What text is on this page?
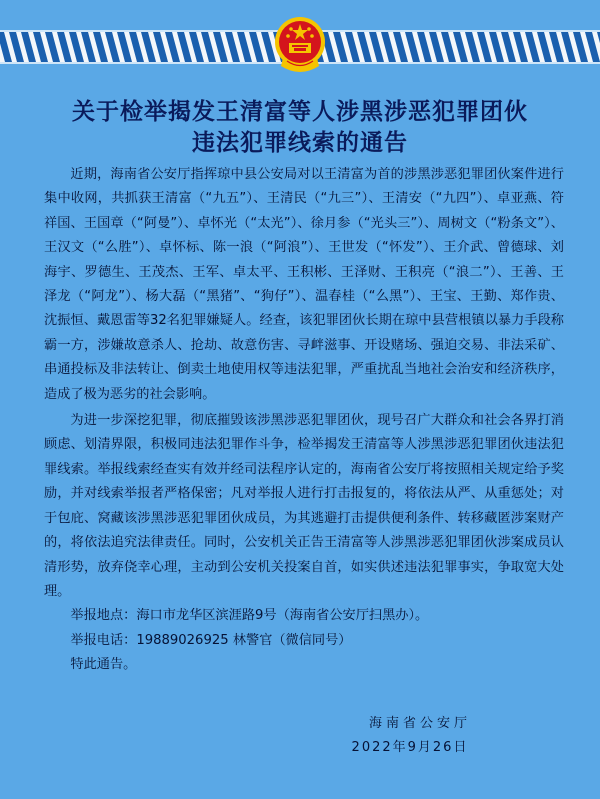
关于检举揭发王清富等人涉黑涉恶犯罪团伙
违法犯罪线索的通告

近期，海南省公安厅指挥琼中县公安局对以王清富为首的涉黑涉恶犯罪团伙案件进行集中收网，共抓获王清富（“九五”）、王清民（“九三”）、王清安（“九四”）、卓亚燕、符祥国、王国章（“阿曼”）、卓怀光（“太光”）、徐月参（“光头三”）、周树文（“粉条文”）、王汉文（“么胜”）、卓怀标、陈一浪（“阿浪”）、王世发（“怀发”）、王介武、曾德球、刘海宇、罗德生、王茂杰、王军、卓太平、王积彬、王泽财、王积亮（“浪二”）、王善、王泽龙（“阿龙”）、杨大磊（“黑猪”、“狗仔”）、温春桂（“么黑”）、王宝、王勤、郑作贵、沈振恒、戴恩雷等32名犯罪嫌疑人。经查，该犯罪团伙长期在琼中县营根镇以暴力手段称霸一方，涉嫌故意杀人、抢劫、故意伤害、寻衅滋事、开设赌场、强迫交易、非法采矿、串通投标及非法转让、倒卖土地使用权等违法犯罪，严重扰乱当地社会治安和经济秩序，造成了极为恶劣的社会影响。

为进一步深挖犯罪，彻底摧毁该涉黑涉恶犯罪团伙，现号召广大群众和社会各界打消顾虑、划清界限，积极同违法犯罪作斗争，检举揭发王清富等人涉黑涉恶犯罪团伙违法犯罪线索。举报线索经查实有效并经司法程序认定的，海南省公安厅将按照相关规定给予奖励，并对线索举报者严格保密；凡对举报人进行打击报复的，将依法从严、从重惩处；对于包庇、窝藏该涉黑涉恶犯罪团伙成员，为其逃避打击提供便利条件、转移藏匿涉案财产的，将依法追究法律责任。同时，公安机关正告王清富等人涉黑涉恶犯罪团伙涉案成员认清形势，放弃侥幸心理，主动到公安机关投案自首，如实供述违法犯罪事实，争取宽大处理。

举报地点：海口市龙华区滨涯路9号（海南省公安厅扫黑办）。

举报电话：19889026925 林警官（微信同号）

特此通告。

海南省公安厅
2022年9月26日
